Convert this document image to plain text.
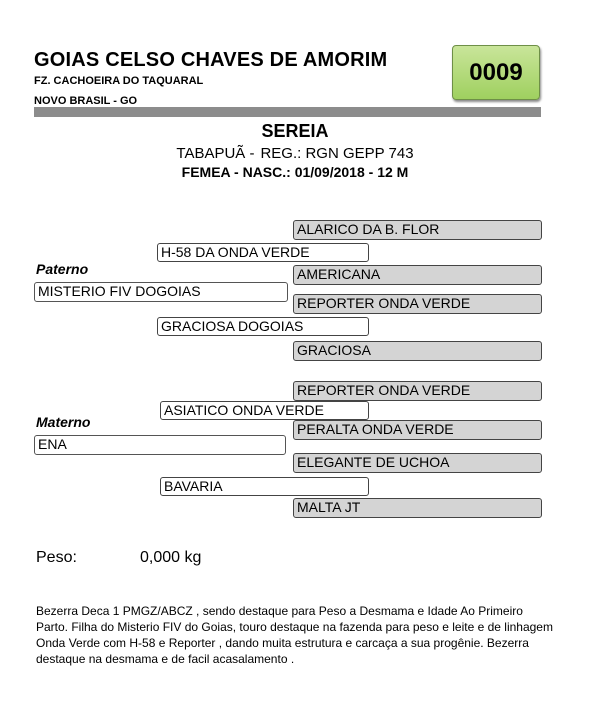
GOIAS CELSO CHAVES DE AMORIM
FZ. CACHOEIRA DO TAQUARAL
NOVO BRASIL - GO
0009
SEREIA
TABAPUÃ - REG.: RGN GEPP 743
FEMEA - NASC.: 01/09/2018 - 12 M
ALARICO DA B. FLOR
H-58 DA ONDA VERDE
Paterno	AMERICANA
MISTERIO FIV DOGOIAS
REPORTER ONDA VERDE
GRACIOSA DOGOIAS
GRACIOSA
REPORTER ONDA VERDE
ASIATICO ONDA VERDE
Materno	PERALTA ONDA VERDE
ENA
ELEGANTE DE UCHOA
BAVARIA
MALTA JT
Peso:	0,000 kg
Bezerra Deca 1 PMGZ/ABCZ , sendo destaque para Peso a Desmama e Idade Ao Primeiro Parto. Filha do Misterio FIV do Goias, touro destaque na fazenda para peso e leite e de linhagem Onda Verde com H-58 e Reporter , dando muita estrutura e carcaça a sua progênie. Bezerra destaque na desmama e de facil acasalamento .
